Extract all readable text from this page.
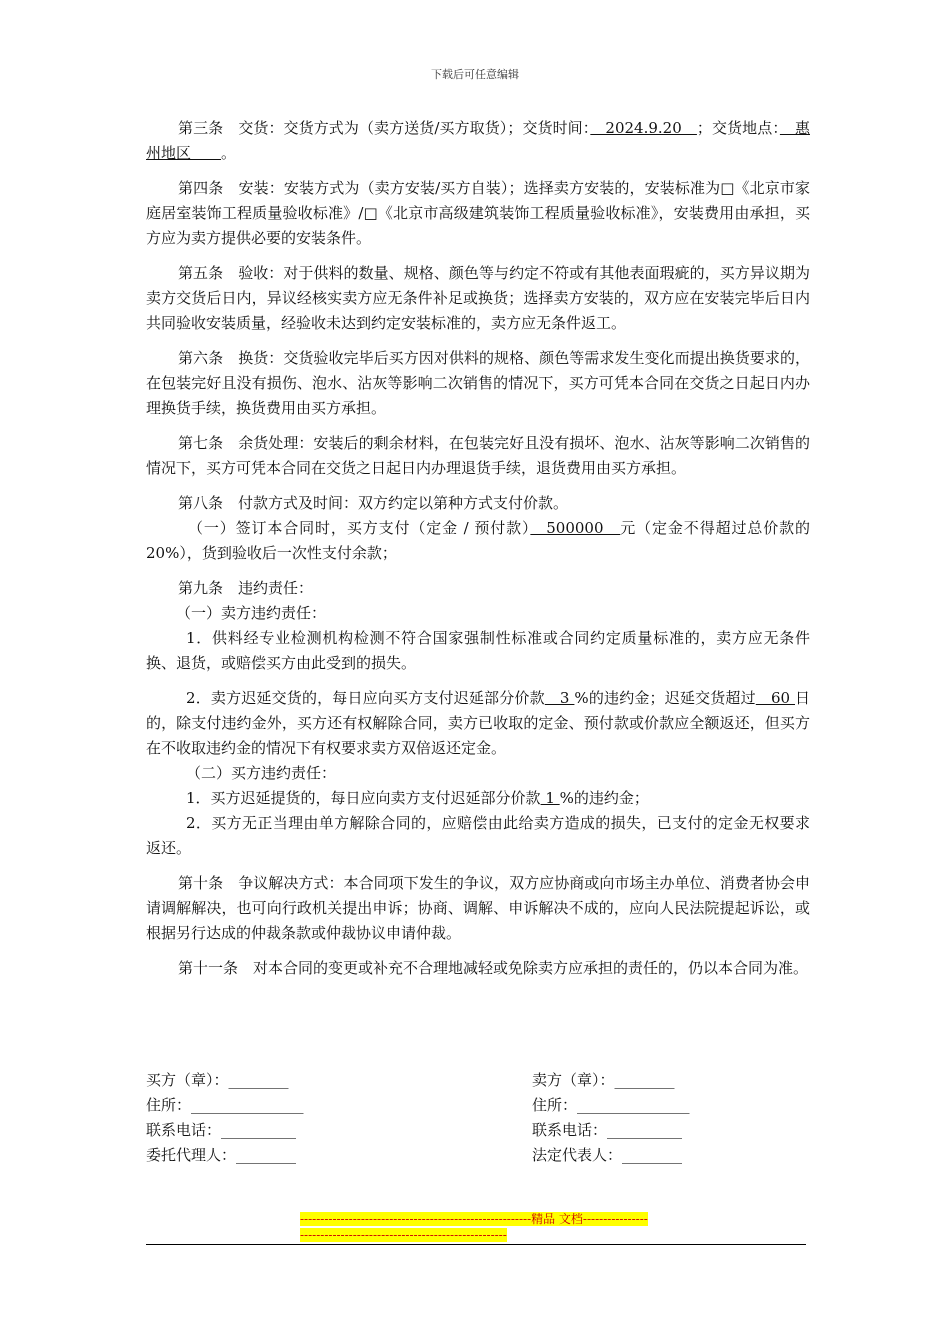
下载后可任意编辑

第三条　交货：交货方式为（卖方送货/买方取货）；交货时间：　2024.9.20　；交货地点：　惠州地区　　。

第四条　安装：安装方式为（卖方安装/买方自装）；选择卖方安装的，安装标准为□《北京市家庭居室装饰工程质量验收标准》/□《北京市高级建筑装饰工程质量验收标准》，安装费用由承担，买方应为卖方提供必要的安装条件。

第五条　验收：对于供料的数量、规格、颜色等与约定不符或有其他表面瑕疵的，买方异议期为卖方交货后日内，异议经核实卖方应无条件补足或换货；选择卖方安装的，双方应在安装完毕后日内共同验收安装质量，经验收未达到约定安装标准的，卖方应无条件返工。

第六条　换货：交货验收完毕后买方因对供料的规格、颜色等需求发生变化而提出换货要求的，在包装完好且没有损伤、泡水、沾灰等影响二次销售的情况下，买方可凭本合同在交货之日起日内办理换货手续，换货费用由买方承担。

第七条　余货处理：安装后的剩余材料，在包装完好且没有损坏、泡水、沾灰等影响二次销售的情况下，买方可凭本合同在交货之日起日内办理退货手续，退货费用由买方承担。

第八条　付款方式及时间：双方约定以第种方式支付价款。

（一）签订本合同时，买方支付（定金 / 预付款）　500000　元（定金不得超过总价款的20%），货到验收后一次性支付余款；

第九条　违约责任：

（一）卖方违约责任：

1．供料经专业检测机构检测不符合国家强制性标准或合同约定质量标准的，卖方应无条件换、退货，或赔偿买方由此受到的损失。

2．卖方迟延交货的，每日应向买方支付迟延部分价款　3 %的违约金；迟延交货超过　60 日的，除支付违约金外，买方还有权解除合同，卖方已收取的定金、预付款或价款应全额返还，但买方在不收取违约金的情况下有权要求卖方双倍返还定金。

（二）买方违约责任：

1．买方迟延提货的，每日应向卖方支付迟延部分价款 1 %的违约金；

2．买方无正当理由单方解除合同的，应赔偿由此给卖方造成的损失，已支付的定金无权要求返还。

第十条　争议解决方式：本合同项下发生的争议，双方应协商或向市场主办单位、消费者协会申请调解解决，也可向行政机关提出申诉；协商、调解、申诉解决不成的，应向人民法院提起诉讼，或根据另行达成的仲裁条款或仲裁协议申请仲裁。

第十一条　对本合同的变更或补充不合理地减轻或免除卖方应承担的责任的，仍以本合同为准。

买方（章）：________	卖方（章）：________
住所：_______________	住所：_______________
联系电话：__________	联系电话：__________
委托代理人：________	法定代表人：________
---------------------------------------------------------精品 文档-------------------------------------------------------------------
